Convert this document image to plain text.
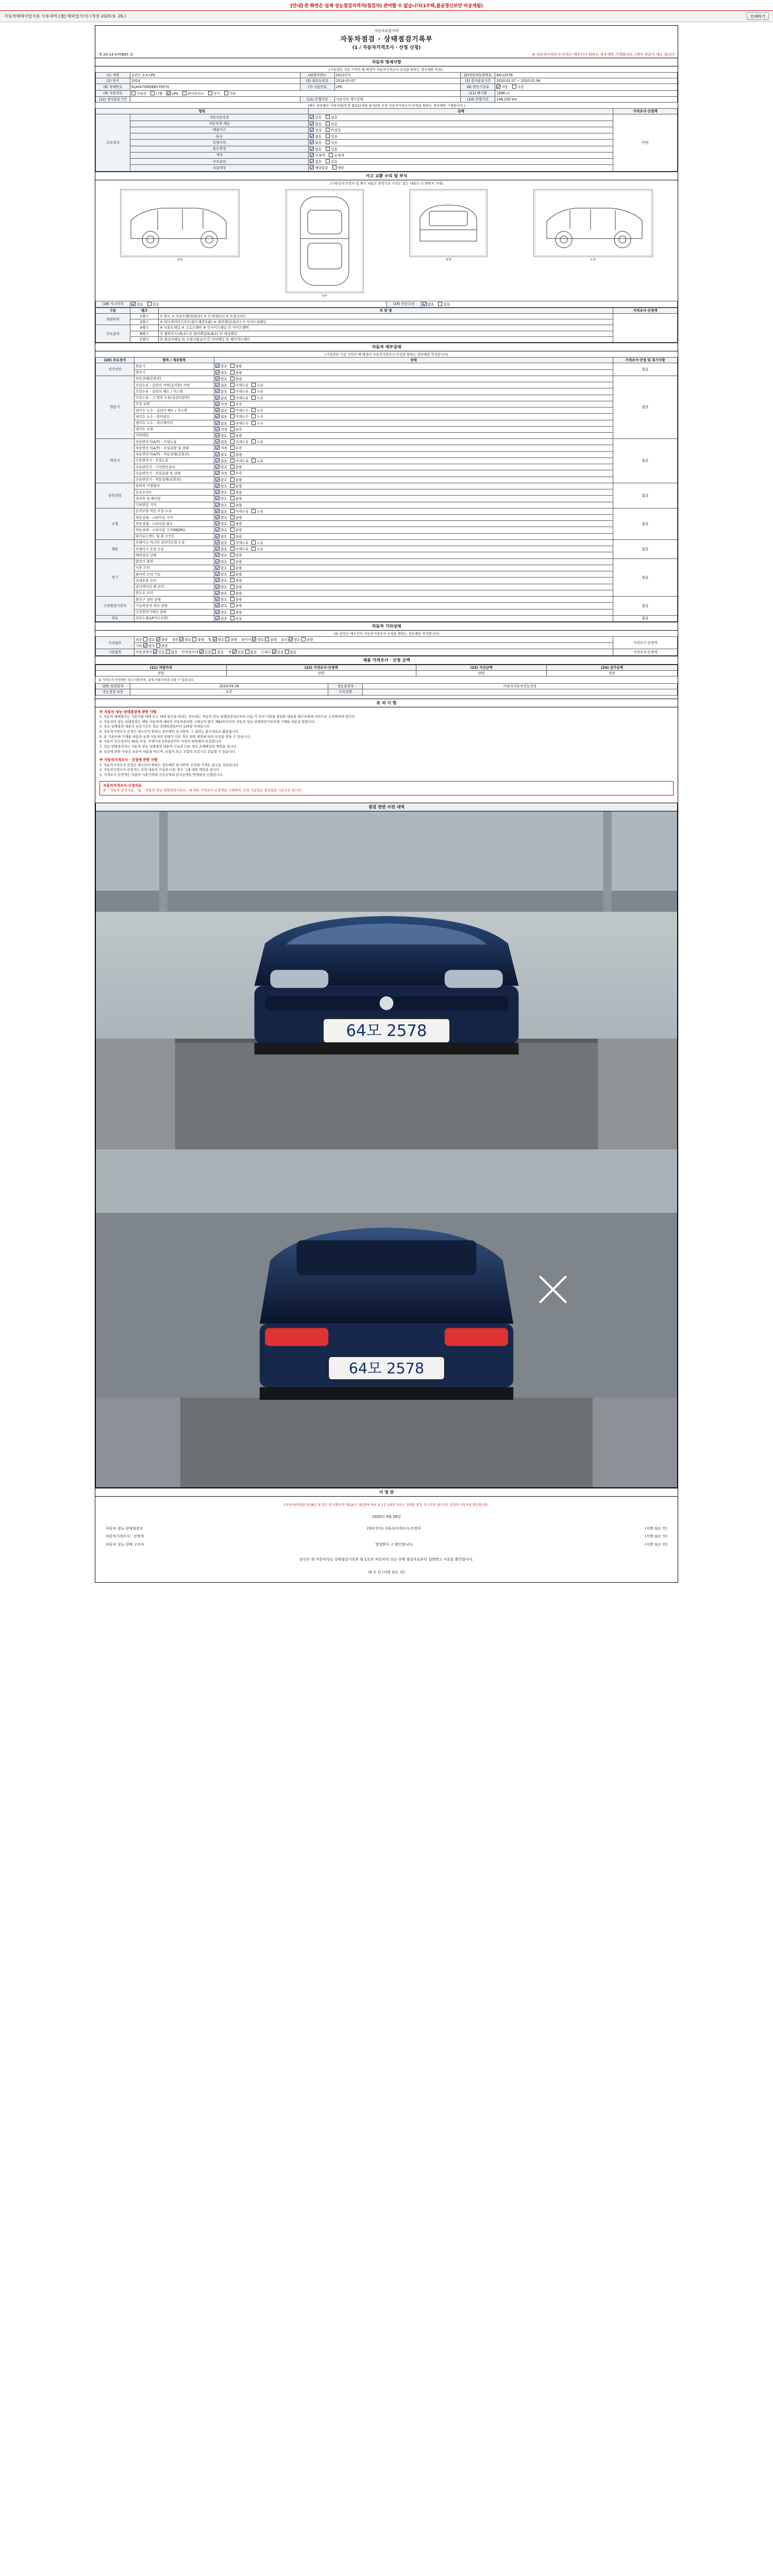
[안내] 본 화면은 실제 성능점검자격자(점검자) 관여할 수 없습니다(1주택,불공정신보안 비공개됨)
자동차매매사업자용 사용내역 [웹] 해외업서식) (개정 2020.9. 26.)	인쇄하기
자동차보험이력
자동차점검 · 상태점검기록부
(1 / 자동차가격조사 · 산정 신청)
제 20-14-070685 호	※ 자동차가격조사·산정은 매수인이 원하는 경우에만 기재합니다. (색이 부분이 매도 입니다
자동차 명세사항
(기록검단 기준 기억자 해 예정이 자동차가격조사·산정을 원하는 경우에만 작성)..
(1) 차명	올란도 2.0 LPG	(4)형식연도	2013년식	(2)자동차등록번호	64나2578
(2) 연식	2014	(5) 최초등록일	2014-01-07	(3) 검사유효기간	2020.01.07 ~ 2020.01.06
(6) 차대번호	KLAYA7GM5EB176570	(7) 사용연료	LPG	(8) 변속기종류	자동 수동
(9) 사용연료	가솔린 디젤 LPG 하이브리드 전기 기타			(11) 배기량	1998 cc
(12) 검사유효기간		(13) 주행거리	사용거리 계기상태	(14) 주행거리	148,200 km
(매도 전봇줄은 기록사항/인정 별표1(내업 용사2한 산정 자동차가격조사·산정을 원하는 경우에만 기재합니다.)
항목		상태	가격조사·산정액
주요장치	자동차등록증	있음 없음	만원
	자동차세 체납	없음 있음	
	배출가스	정상 비정상	
	튜닝	없음 있음	
	특별이력	없음 있음	
	용도변경	없음 있음	
	색상	무채색 유채색	
	주요옵션	없음 있음	
	리콜대상	해당없음 해당	
사고 교환 수리 및 부식
(기록검사·산정자 및 해시 내용은 원칙으로 사진도 있는 내용은 다 명하지 기대)
좌측
상부
후면	우측
(18) 사고이력	없음	있음	(19) 단순수리	없음	있음
구분	랭크	부 위 명	가격조사·산정액
외판부위	1랭크	① 후드 ② 프론트휀더(좌/우) ③ 도어(좌/우) ④ 트렁크리드	
	2랭크	⑤ 라디에이터서포트(볼트체결부품) ⑥ 쿼터패널(좌/우) ⑦ 사이드실패널	
주요골격	A랭크	⑧ 프론트패널 ⑨ 크로스멤버 ⑩ 인사이드패널 ⑪ 사이드멤버	
	B랭크	⑫ 휠하우스(좌/우) ⑬ 필러패널(A,B,C) ⑭ 대쉬패널	
	C랭크	⑮ 플로어패널 ⑯ 트렁크플로어 ⑰ 리어패널 ⑱ 패키지트레이	
자동차 세부상태
(기록검단 기준 기억자 해 예정이 자동차가격조사·산정을 원하는 경우에만 작성합니다)
(20) 주요장치	항목 / 세부항목	상태	가격조사·산정 및 특기사항
자기진단	원동기	양호 불량	없음
	변속기	양호 불량	
원동기	작동상태(공회전)	양호 불량	없음
	오일누유 - 실린더 커버(로커암) 커버	없음 미세누유 누유	
	오일누유 - 실린더 헤드 / 가스켓	없음 미세누유 누유	
	오일누유 - 그 밖의 누유(실린더블록)	없음 미세누유 누유	
	오일 유량	적정 부족	
	냉각수 누수 - 실린더 헤드 / 가스켓	없음 미세누수 누수	
	냉각수 누수 - 워터펌프	없음 미세누수 누수	
	냉각수 누수 - 라디에이터	없음 미세누수 누수	
	냉각수 수량	적정 부족	
	커먼레일	양호 불량	
변속기	자동변속기(A/T) - 오일누유	없음 미세누유 누유	없음
	자동변속기(A/T) - 오일유량 및 상태	적정 부족	
	자동변속기(A/T) - 작동상태(공회전)	양호 불량	
	수동변속기 - 오일누유	없음 미세누유 누유	
	수동변속기 - 기어변속장치	양호 불량	
	수동변속기 - 오일유량 및 상태	적정 부족	
	수동변속기 - 작동상태(공회전)	양호 불량	
동력전달	클러치 어셈블리	양호 불량	없음
	등속조인트	양호 불량	
	추진축 및 베어링	양호 불량	
	디퍼렌셜 기어	양호 불량	
조향	동력조향 작동 오일 누유	없음 미세누유 누유	없음
	작동상태 - 스티어링 기어	양호 불량	
	작동상태 - 스티어링 펌프	양호 불량	
	작동상태 - 스티어링 기어(MDPS)	양호 불량	
	타이로드엔드 및 볼 조인트	양호 불량	
제동	브레이크 마스터 실린더오일 누유	없음 미세누유 누유	없음
	브레이크 오일 누유	없음 미세누유 누유	
	배력장치 상태	양호 불량	
전기	발전기 출력	양호 불량	없음
	시동 모터	양호 불량	
	와이퍼 모터 기능	양호 불량	
	실내송풍 모터	양호 불량	
	라디에이터 팬 모터	양호 불량	
	윈도우 모터	양호 불량	
고전원전기장치	충전구 절연 상태	양호 불량	없음
	구동축전지 격리 상태	양호 불량	
	고전원전기배선 상태	양호 불량	
연료	연료누출(LP가스포함)	없음 있음	없음
자동차 기타상태
(4) 항목은 매수인이 자동차가격조사·산정을 원하는 경우에만 작성합니다)
수리필요	외장 양호 불량 내장 양호 불량 휠 양호 불량 타이어 양호 불량 유리 양호 불량	가격조사·산정액
	기타 양호 불량	
기본품목	사용설명서 있음 없음 안전삼각대 있음 없음 잭 있음 없음 스패너 있음 없음	가격조사·산정액
제품 가격조사 · 산정 금액
(21) 차량가격	(22) 가격조사·산정액	(23) 가산금액	(24) 감가금액
만원	만원	만원	만원
※ 가격조사·산정액은 참고사항이며, 실제 거래가격과 다를 수 있습니다.
(25) 점검일자	2020-09-26	성능점검자	㈜중부자동차성능점검
성능점검 보증	보증	소속성명	
유 의 사 항
※ 자동차 성능·상태점검에 관한 사항
1. 자동차 매매업자는 자동차를 매매 또는 매매 알선을 하려는 경우에는 자동차 성능·상태점검자로부터 다음 각 목의 사항을 점검한 내용을 매수인에게 서면으로 고지하여야 합니다.
2. 자동차의 성능·상태점검은 해당 자동차에 대하여 자동차관리법 시행규칙 별지 제82호서식의 자동차 성능·상태점검기록부에 기재된 내용을 말합니다.
3. 성능·상태점검 내용의 유효기간은 성능·상태점검일부터 120일 이내입니다.
4. 자동차가격조사·산정은 매수인이 원하는 경우에만 실시하며, 그 결과는 참고자료로 활용됩니다.
5. 본 기록부에 기재된 내용과 실제 자동차의 상태가 다른 경우 관련 법령에 따라 보상을 받을 수 있습니다.
6. 자동차 인도일부터 30일 이상, 주행거리 2천킬로미터 이상의 범위에서 보증합니다.
7. 성능·상태점검자는 자동차 성능·상태점검 내용이 사실과 다른 경우 손해배상의 책임을 집니다.
8. 보증에 관한 사항은 보증서 내용을 따르며, 보험사 또는 조합의 보증으로 갈음할 수 있습니다.
※ 자동차가격조사 · 산정에 관한 사항
1. 자동차가격조사·산정은 매수인이 원하는 경우에만 실시하며, 산정된 가격은 참고용 자료입니다.
2. 자동차가격조사·산정자는 산정 내용이 사실과 다른 경우 그에 대한 책임을 집니다.
3. 가격조사·산정액은 차량의 기본가격에 가산금액과 감가금액을 반영하여 산출합니다.
자동차가격조사·산정자료
※ 「자동차 산정기준」 및 「자동차 성능·상태점검기록부」에 따른 가격조사·산정액을 기재하며, 산정 기준일은 점검일을 기준으로 합니다.
점검 전반 사진 내역
64모 2578
64모 2578
서 명 란
[자동차관리법] 제 58조 및 같은 법 시행규칙 제120조 제1항에 따라 위 1호 2개항 부터는 상태를 점검, 다 1호와 제시지조 산업자 사업자를 확인합니다.
2020년 9월 26일
자동차 성능·상태점검자	(매수인이) 자동차가격조사·산정자	(서명 또는 인)
자동차가격조사 · 산정자	(서명 또는 인)
자동차 성능·상태 고지자	명업한다 고 확인합니다.	(서명 또는 인)
본인은 위 자동차성능·상태점검기록부 및 1호의 자동차의 성능·상태 점검자로부터 설명받고 서류를 확인합니다.
매 수 인 (서명 또는 인)
